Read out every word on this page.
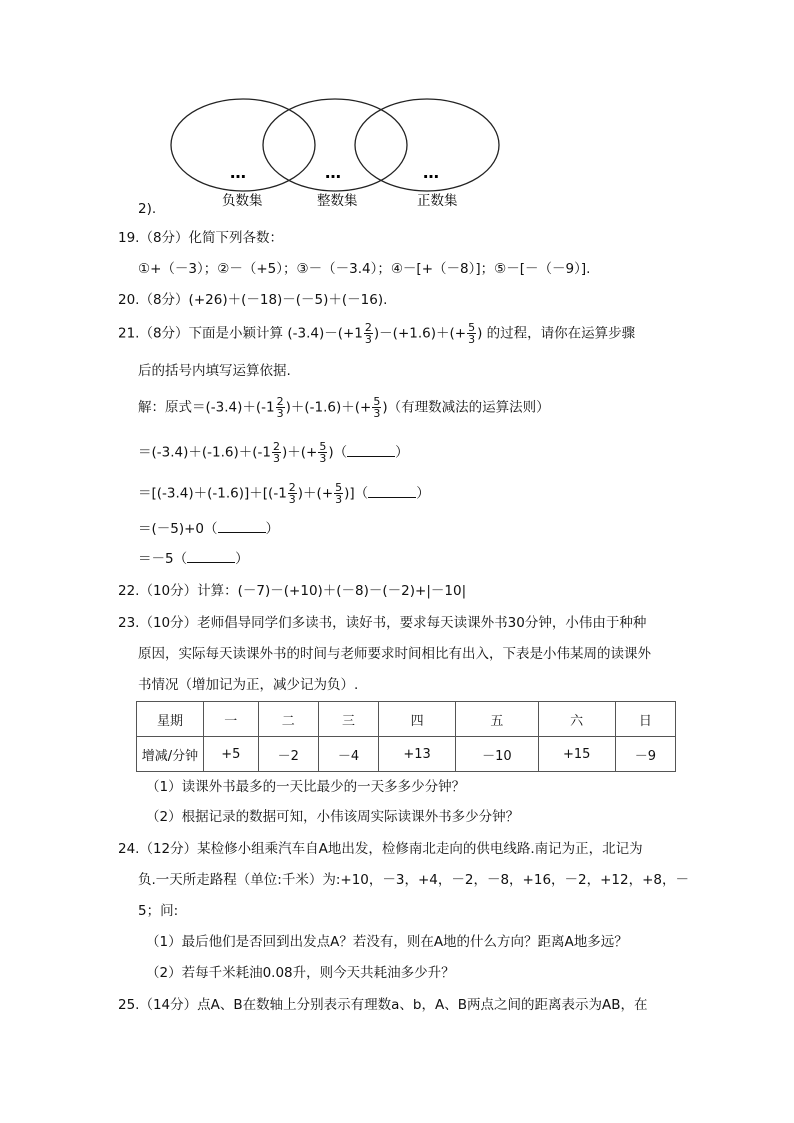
…	…	…
负数集	整数集	正数集
2).
19.（8分）化简下列各数：
①+（－3）；②－（+5）；③－（－3.4）；④－[+（－8）]；⑤－[－（－9）].
20.（8分）(+26)＋(－18)－(－5)＋(－16).
21.（8分）下面是小颖计算 $(-3.4)-(+1 \frac{2}{3} )-(+1.6)+(+ \frac{5}{3}$ ) 的过程，请你在运算步骤
后的括号内填写运算依据.
解：原式$=(-3.4)+(-1 \frac{2}{3} )+(-1.6)+(+ \frac{5}{3}$ )（有理数减法的运算法则）
$=(-3.4)+(-1.6)+(-1 \frac{2}{3}$ )＋(+ $\frac{5}{3}$ )（	）
$=[(-3.4)+(-1.6)]+[(-1 \frac{2}{3}$ )＋(+ $\frac{5}{3}$ )]（	）
＝(－5)+0（	）
＝－5（	）
22.（10分）计算：(－7)－(+10)＋(－8)－(－2)+|－10|
23.（10分）老师倡导同学们多读书，读好书，要求每天读课外书30分钟，小伟由于种种
原因，实际每天读课外书的时间与老师要求时间相比有出入，下表是小伟某周的读课外
书情况（增加记为正，减少记为负）.
星期	一	二	三	四	五	六	日
增减/分钟	+5	－2	－4	+13	－10	+15	－9
（1）读课外书最多的一天比最少的一天多多少分钟？
（2）根据记录的数据可知，小伟该周实际读课外书多少分钟？
24.（12分）某检修小组乘汽车自A地出发，检修南北走向的供电线路.南记为正，北记为
负.一天所走路程（单位:千米）为:+10，－3，+4，－2，－8，+16，－2，+12，+8，－
5；问:
（1）最后他们是否回到出发点A？若没有，则在A地的什么方向？距离A地多远？
（2）若每千米耗油0.08升，则今天共耗油多少升？
25.（14分）点A、B在数轴上分别表示有理数a、b，A、B两点之间的距离表示为AB，在
